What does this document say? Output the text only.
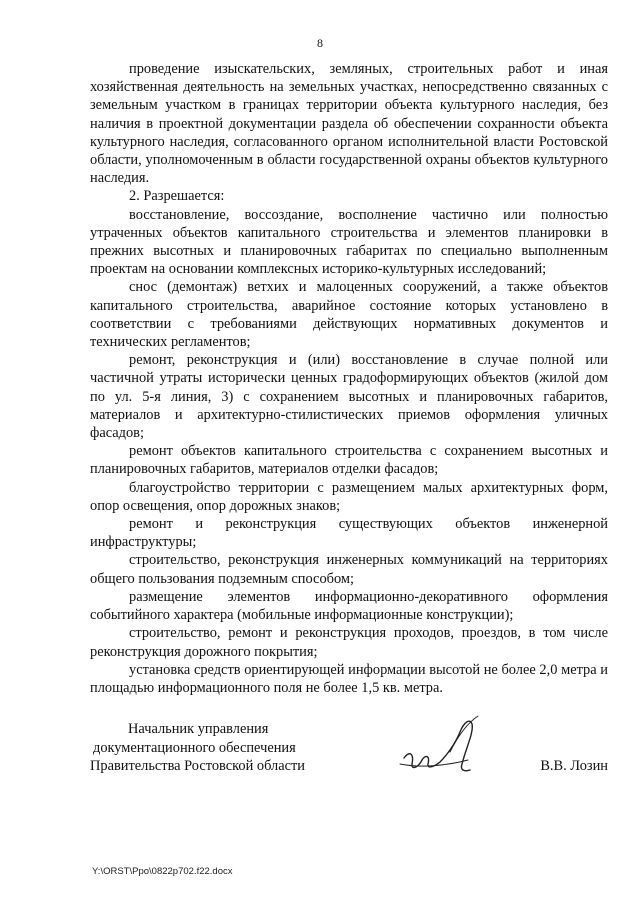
8

проведение изыскательских, земляных, строительных работ и иная хозяйственная деятельность на земельных участках, непосредственно связанных с земельным участком в границах территории объекта культурного наследия, без наличия в проектной документации раздела об обеспечении сохранности объекта культурного наследия, согласованного органом исполнительной власти Ростовской области, уполномоченным в области государственной охраны объектов культурного наследия.

2. Разрешается:

восстановление, воссоздание, восполнение частично или полностью утраченных объектов капитального строительства и элементов планировки в прежних высотных и планировочных габаритах по специально выполненным проектам на основании комплексных историко-культурных исследований;

снос (демонтаж) ветхих и малоценных сооружений, а также объектов капитального строительства, аварийное состояние которых установлено в соответствии с требованиями действующих нормативных документов и технических регламентов;

ремонт, реконструкция и (или) восстановление в случае полной или частичной утраты исторически ценных градоформирующих объектов (жилой дом по ул. 5-я линия, 3) с сохранением высотных и планировочных габаритов, материалов и архитектурно-стилистических приемов оформления уличных фасадов;

ремонт объектов капитального строительства с сохранением высотных и планировочных габаритов, материалов отделки фасадов;

благоустройство территории с размещением малых архитектурных форм, опор освещения, опор дорожных знаков;

ремонт и реконструкция существующих объектов инженерной инфраструктуры;

строительство, реконструкция инженерных коммуникаций на территориях общего пользования подземным способом;

размещение элементов информационно-декоративного оформления событийного характера (мобильные информационные конструкции);

строительство, ремонт и реконструкция проходов, проездов, в том числе реконструкция дорожного покрытия;

установка средств ориентирующей информации высотой не более 2,0 метра и площадью информационного поля не более 1,5 кв. метра.

Начальник управления
документационного обеспечения
Правительства Ростовской области	В.В. Лозин
Y:\ORST\Ppo\0822p702.f22.docx
